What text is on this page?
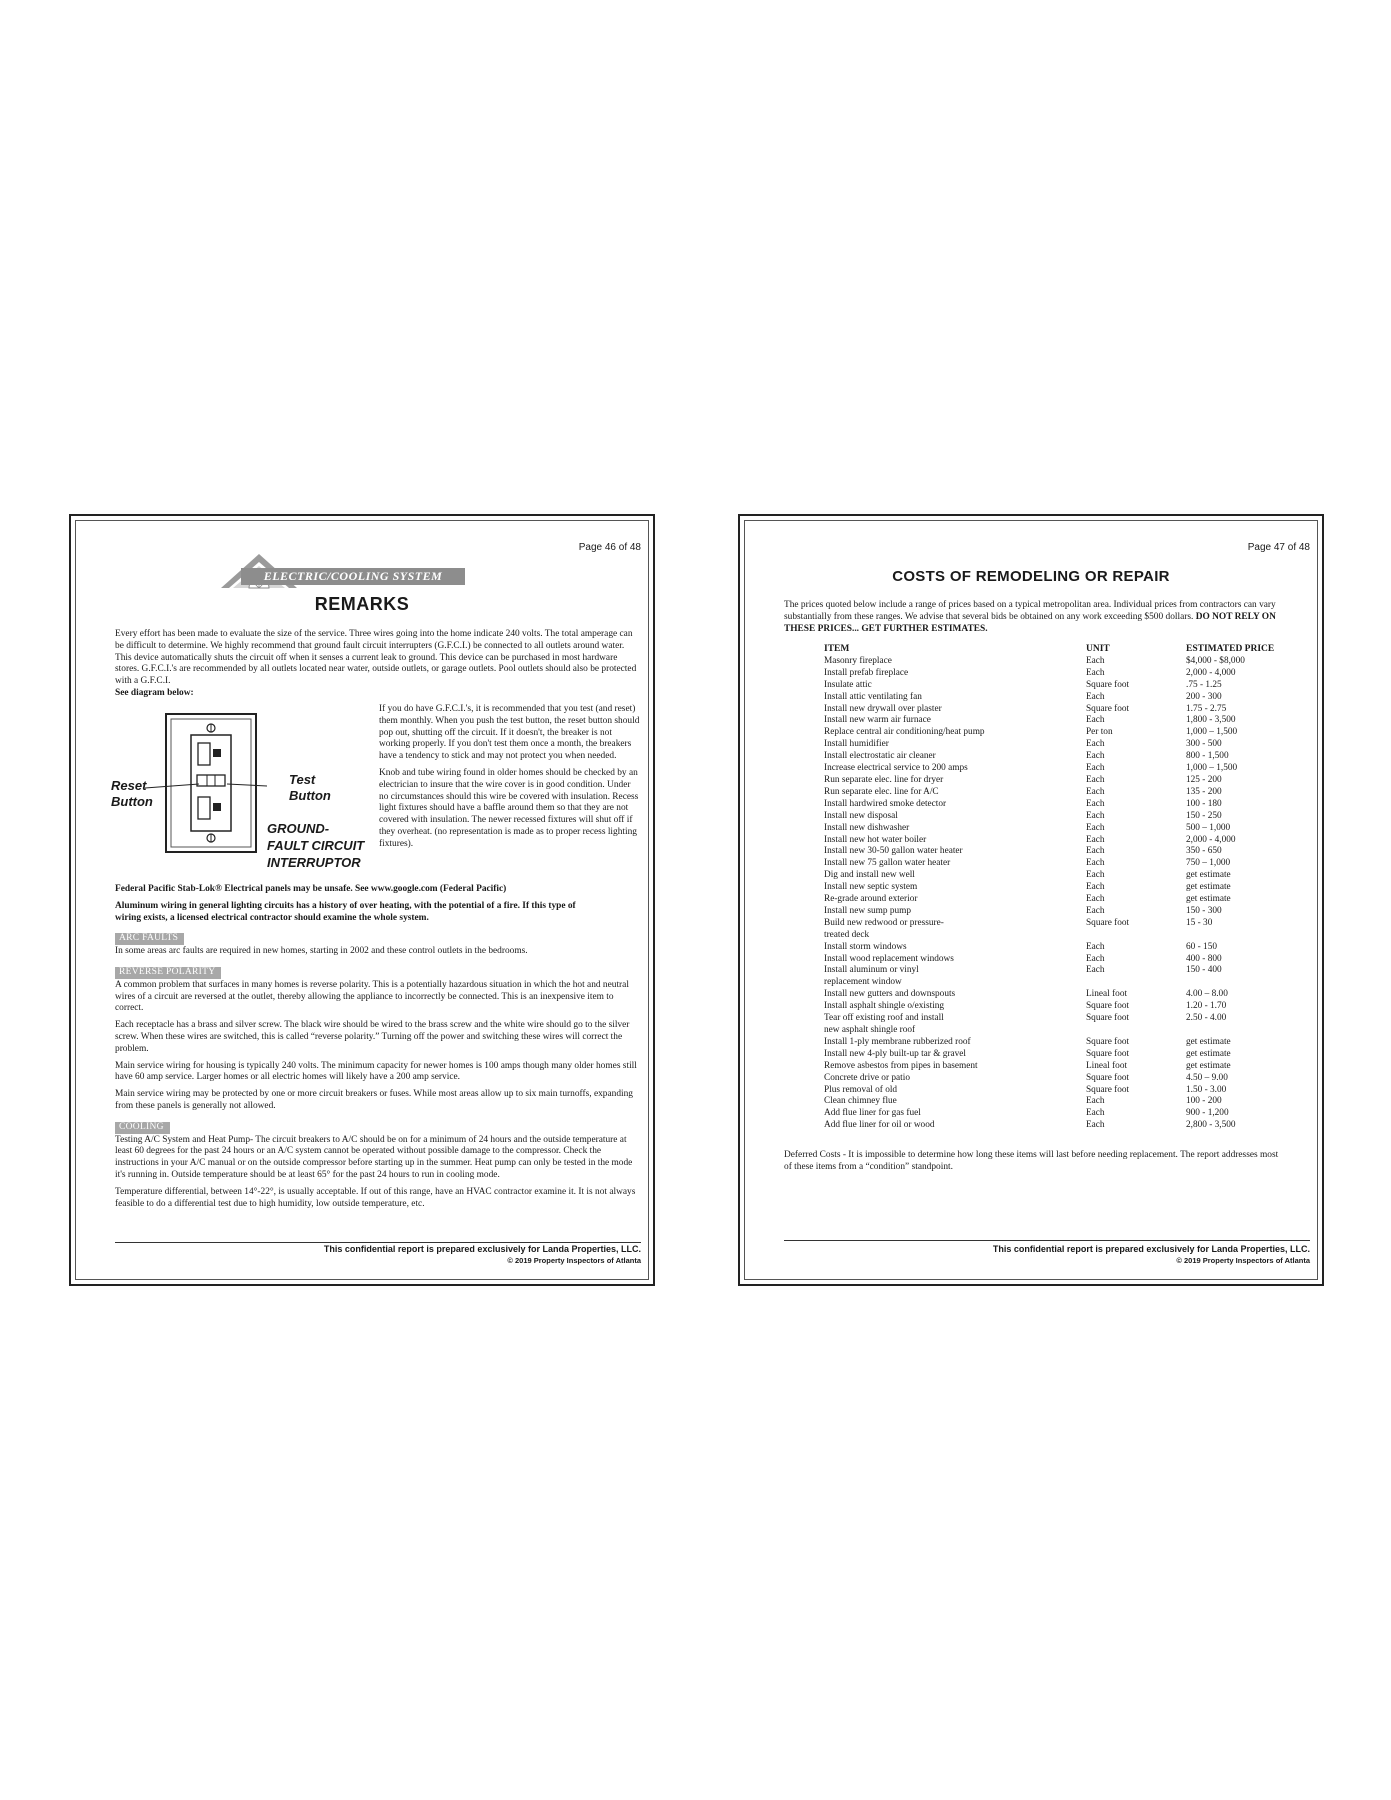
Page 46 of 48
ELECTRIC/COOLING SYSTEM
REMARKS

Every effort has been made to evaluate the size of the service. Three wires going into the home indicate 240 volts. The total amperage can be difficult to determine. We highly recommend that ground fault circuit interrupters (G.F.C.I.) be connected to all outlets around water. This device automatically shuts the circuit off when it senses a current leak to ground. This device can be purchased in most hardware stores. G.F.C.I.'s are recommended by all outlets located near water, outside outlets, or garage outlets. Pool outlets should also be protected with a G.F.C.I.

See diagram below:
Reset
Button
Test
Button
GROUND-
FAULT CIRCUIT
INTERRUPTOR

If you do have G.F.C.I.'s, it is recommended that you test (and reset) them monthly. When you push the test button, the reset button should pop out, shutting off the circuit. If it doesn't, the breaker is not working properly. If you don't test them once a month, the breakers have a tendency to stick and may not protect you when needed.

Knob and tube wiring found in older homes should be checked by an electrician to insure that the wire cover is in good condition. Under no circumstances should this wire be covered with insulation. Recess light fixtures should have a baffle around them so that they are not covered with insulation. The newer recessed fixtures will shut off if they overheat. (no representation is made as to proper recess lighting fixtures).

Federal Pacific Stab-Lok® Electrical panels may be unsafe. See www.google.com (Federal Pacific)

Aluminum wiring in general lighting circuits has a history of over heating, with the potential of a fire. If this type of wiring exists, a licensed electrical contractor should examine the whole system.

ARC FAULTS

In some areas arc faults are required in new homes, starting in 2002 and these control outlets in the bedrooms.

REVERSE POLARITY

A common problem that surfaces in many homes is reverse polarity. This is a potentially hazardous situation in which the hot and neutral wires of a circuit are reversed at the outlet, thereby allowing the appliance to incorrectly be connected. This is an inexpensive item to correct.

Each receptacle has a brass and silver screw. The black wire should be wired to the brass screw and the white wire should go to the silver screw. When these wires are switched, this is called “reverse polarity.” Turning off the power and switching these wires will correct the problem.

Main service wiring for housing is typically 240 volts. The minimum capacity for newer homes is 100 amps though many older homes still have 60 amp service. Larger homes or all electric homes will likely have a 200 amp service.

Main service wiring may be protected by one or more circuit breakers or fuses. While most areas allow up to six main turnoffs, expanding from these panels is generally not allowed.

COOLING

Testing A/C System and Heat Pump- The circuit breakers to A/C should be on for a minimum of 24 hours and the outside temperature at least 60 degrees for the past 24 hours or an A/C system cannot be operated without possible damage to the compressor. Check the instructions in your A/C manual or on the outside compressor before starting up in the summer. Heat pump can only be tested in the mode it's running in. Outside temperature should be at least 65° for the past 24 hours to run in cooling mode.

Temperature differential, between 14°-22°, is usually acceptable. If out of this range, have an HVAC contractor examine it. It is not always feasible to do a differential test due to high humidity, low outside temperature, etc.

This confidential report is prepared exclusively for Landa Properties, LLC.
© 2019 Property Inspectors of Atlanta
Page 47 of 48
COSTS OF REMODELING OR REPAIR
The prices quoted below include a range of prices based on a typical metropolitan area. Individual prices from contractors can vary substantially from these ranges. We advise that several bids be obtained on any work exceeding $500 dollars. DO NOT RELY ON THESE PRICES... GET FURTHER ESTIMATES.
ITEM	UNIT	ESTIMATED PRICE
Masonry fireplace	Each	$4,000 - $8,000
Install prefab fireplace	Each	2,000 - 4,000
Insulate attic	Square foot	.75 - 1.25
Install attic ventilating fan	Each	200 - 300
Install new drywall over plaster	Square foot	1.75 - 2.75
Install new warm air furnace	Each	1,800 - 3,500
Replace central air conditioning/heat pump	Per ton	1,000 – 1,500
Install humidifier	Each	300 - 500
Install electrostatic air cleaner	Each	800 - 1,500
Increase electrical service to 200 amps	Each	1,000 – 1,500
Run separate elec. line for dryer	Each	125 - 200
Run separate elec. line for A/C	Each	135 - 200
Install hardwired smoke detector	Each	100 - 180
Install new disposal	Each	150 - 250
Install new dishwasher	Each	500 – 1,000
Install new hot water boiler	Each	2,000 - 4,000
Install new 30-50 gallon water heater	Each	350 - 650
Install new 75 gallon water heater	Each	750 – 1,000
Dig and install new well	Each	get estimate
Install new septic system	Each	get estimate
Re-grade around exterior	Each	get estimate
Install new sump pump	Each	150 - 300
Build new redwood or pressure-
treated deck	Square foot	15 - 30
Install storm windows	Each	60 - 150
Install wood replacement windows	Each	400 - 800
Install aluminum or vinyl
replacement window	Each	150 - 400
Install new gutters and downspouts	Lineal foot	4.00 – 8.00
Install asphalt shingle o/existing	Square foot	1.20 - 1.70
Tear off existing roof and install
new asphalt shingle roof	Square foot	2.50 - 4.00
Install 1-ply membrane rubberized roof	Square foot	get estimate
Install new 4-ply built-up tar & gravel	Square foot	get estimate
Remove asbestos from pipes in basement	Lineal foot	get estimate
Concrete drive or patio	Square foot	4.50 – 9.00
Plus removal of old	Square foot	1.50 - 3.00
Clean chimney flue	Each	100 - 200
Add flue liner for gas fuel	Each	900 - 1,200
Add flue liner for oil or wood	Each	2,800 - 3,500
Deferred Costs - It is impossible to determine how long these items will last before needing replacement. The report addresses most of these items from a “condition” standpoint.
This confidential report is prepared exclusively for Landa Properties, LLC.
© 2019 Property Inspectors of Atlanta
